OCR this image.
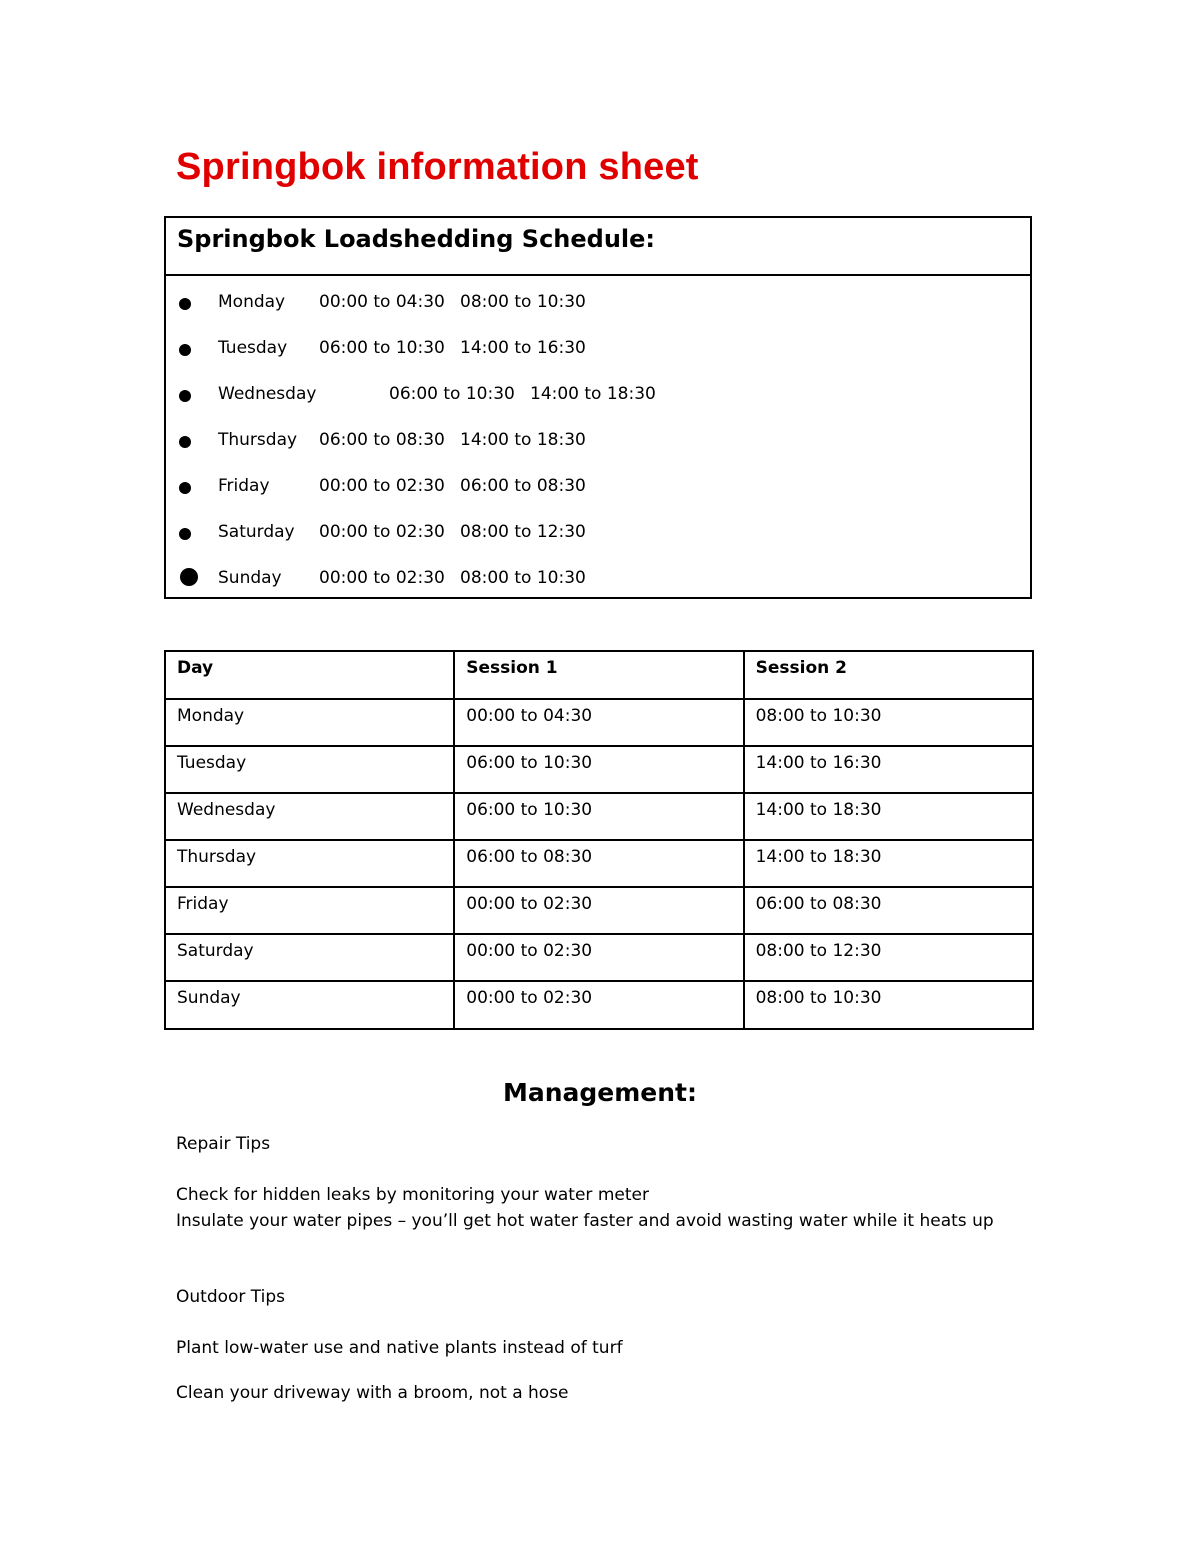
Springbok information sheet
Springbok Loadshedding Schedule:
Monday 00:00 to 04:30 08:00 to 10:30
Tuesday 06:00 to 10:30 14:00 to 16:30
Wednesday	06:00 to 10:30 14:00 to 18:30
Thursday 06:00 to 08:30 14:00 to 18:30
Friday	00:00 to 02:30 06:00 to 08:30
Saturday 00:00 to 02:30 08:00 to 12:30
Sunday 00:00 to 02:30 08:00 to 10:30
Day	Session 1	Session 2
Monday	00:00 to 04:30	08:00 to 10:30
Tuesday	06:00 to 10:30	14:00 to 16:30
Wednesday	06:00 to 10:30	14:00 to 18:30
Thursday	06:00 to 08:30	14:00 to 18:30
Friday	00:00 to 02:30	06:00 to 08:30
Saturday	00:00 to 02:30	08:00 to 12:30
Sunday	00:00 to 02:30	08:00 to 10:30
Management:
Repair Tips
Check for hidden leaks by monitoring your water meter
Insulate your water pipes – you’ll get hot water faster and avoid wasting water while it heats up
Outdoor Tips
Plant low-water use and native plants instead of turf
Clean your driveway with a broom, not a hose
